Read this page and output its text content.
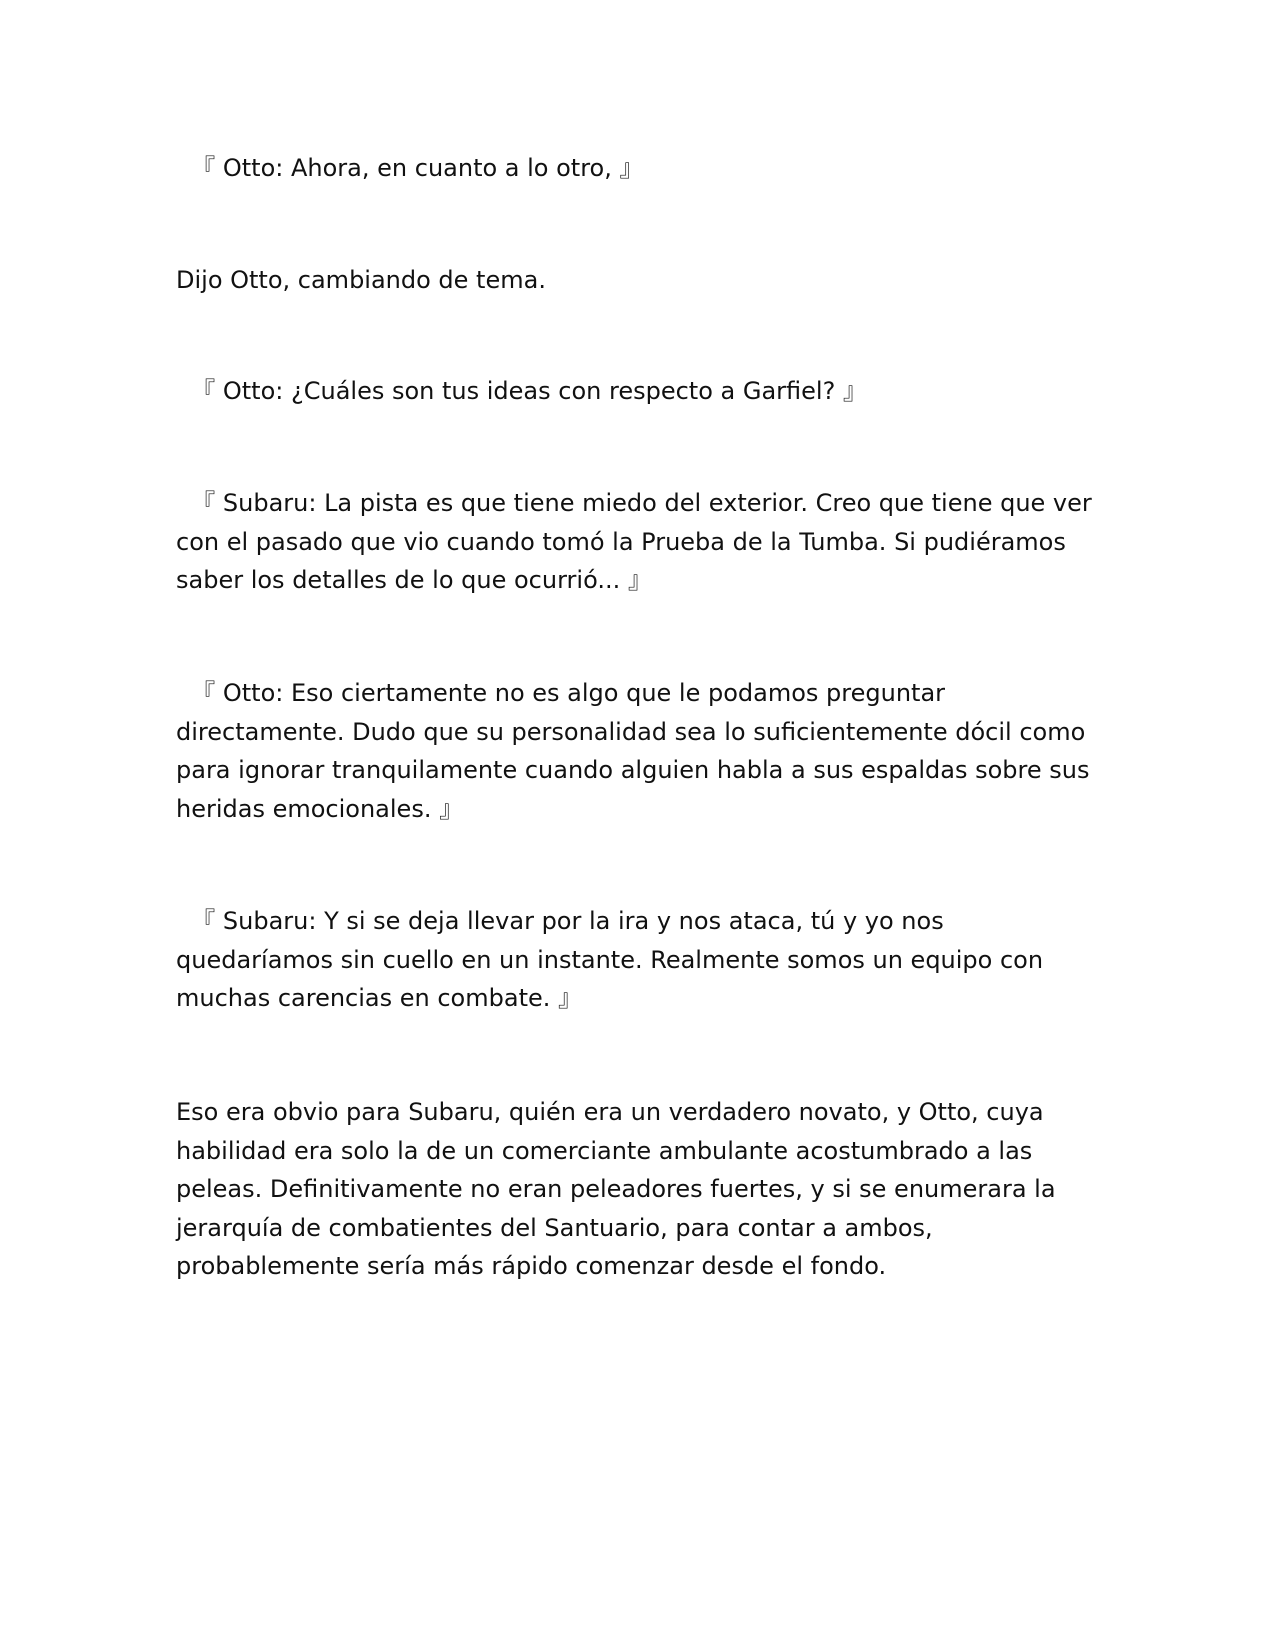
『 Otto: Ahora, en cuanto a lo otro, 』

Dijo Otto, cambiando de tema.

『 Otto: ¿Cuáles son tus ideas con respecto a Garfiel? 』

『 Subaru: La pista es que tiene miedo del exterior. Creo que tiene que ver con el pasado que vio cuando tomó la Prueba de la Tumba. Si pudiéramos saber los detalles de lo que ocurrió... 』

『 Otto: Eso ciertamente no es algo que le podamos preguntar directamente. Dudo que su personalidad sea lo suficientemente dócil como para ignorar tranquilamente cuando alguien habla a sus espaldas sobre sus heridas emocionales. 』

『 Subaru: Y si se deja llevar por la ira y nos ataca, tú y yo nos quedaríamos sin cuello en un instante. Realmente somos un equipo con muchas carencias en combate. 』

Eso era obvio para Subaru, quién era un verdadero novato, y Otto, cuya habilidad era solo la de un comerciante ambulante acostumbrado a las peleas. Definitivamente no eran peleadores fuertes, y si se enumerara la jerarquía de combatientes del Santuario, para contar a ambos, probablemente sería más rápido comenzar desde el fondo.
